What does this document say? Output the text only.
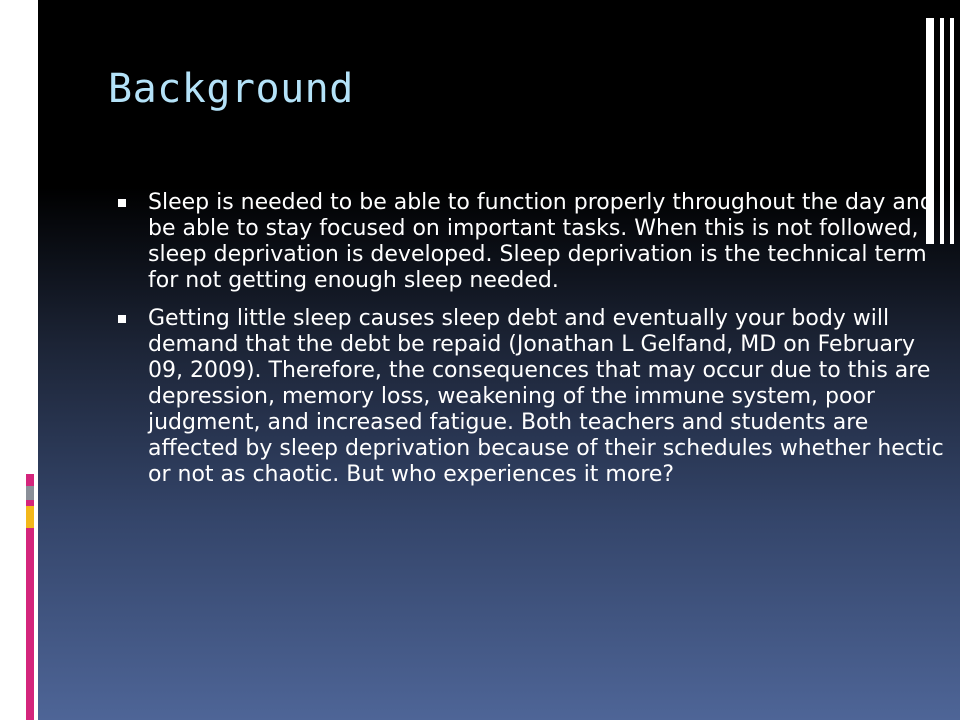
Background
Sleep is needed to be able to function properly throughout the day and be able to stay focused on important tasks. When this is not followed, sleep deprivation is developed. Sleep deprivation is the technical term for not getting enough sleep needed.
Getting little sleep causes sleep debt and eventually your body will demand that the debt be repaid (Jonathan L Gelfand, MD on February 09, 2009). Therefore, the consequences that may occur due to this are depression, memory loss, weakening of the immune system, poor judgment, and increased fatigue. Both teachers and students are affected by sleep deprivation because of their schedules whether hectic or not as chaotic. But who experiences it more?
